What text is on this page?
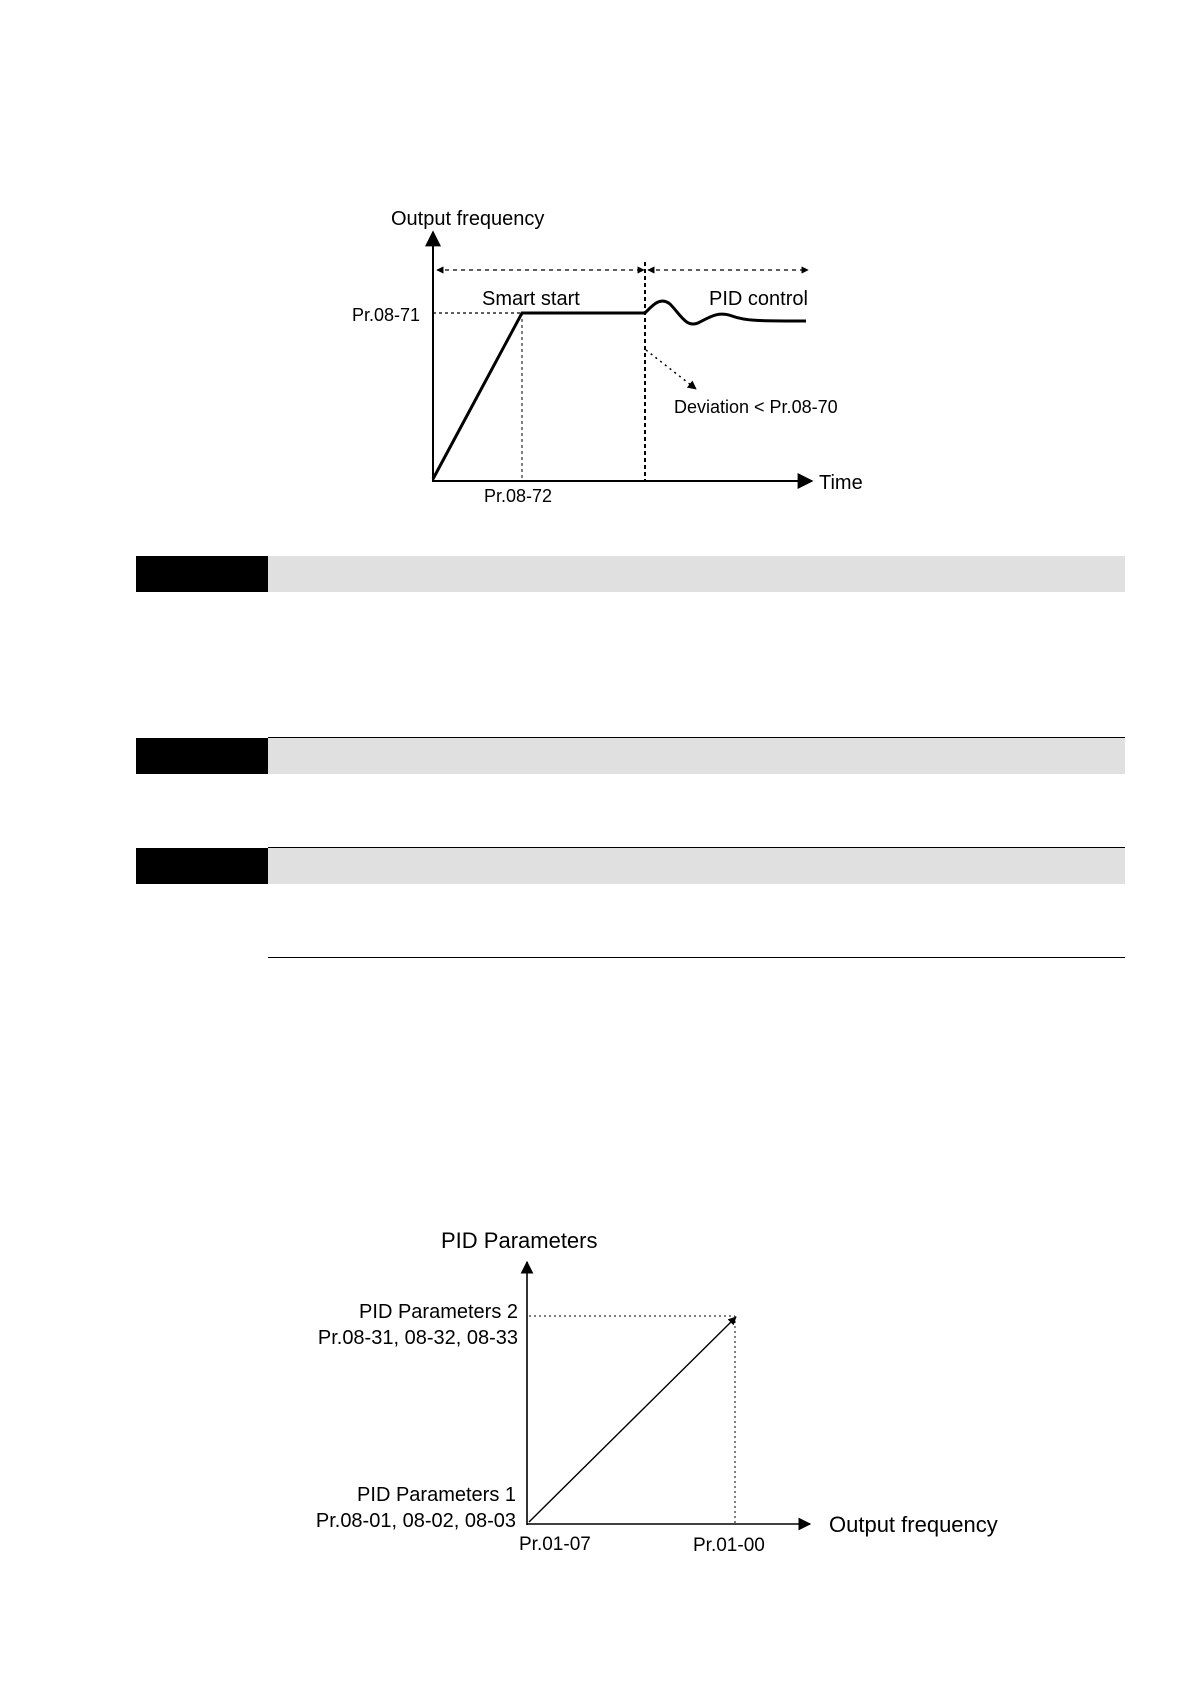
Output frequency
Time
Smart start	PID control
Pr.08-71
Pr.08-72
Deviation < Pr.08-70
PID Parameters
Output frequency
PID Parameters 2
Pr.08-31, 08-32, 08-33
PID Parameters 1
Pr.08-01, 08-02, 08-03
Pr.01-07	Pr.01-00
